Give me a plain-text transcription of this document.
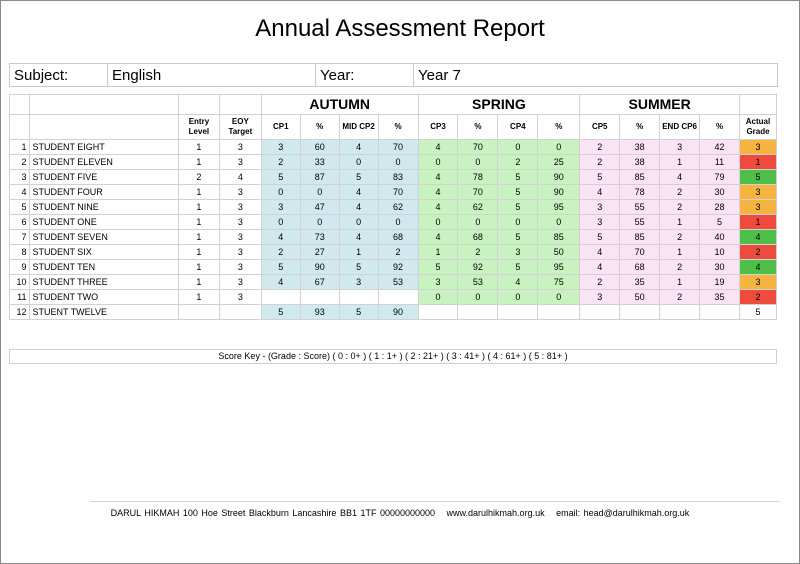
Annual Assessment Report
Subject:	English	Year:	Year 7
				AUTUMN				SPRING				SUMMER				
		Entry Level	EOY Target	CP1	%	MID CP2	%	CP3	%	CP4	%	CP5	%	END CP6	%	Actual Grade
1	STUDENT EIGHT	1	3	3	60	4	70	4	70	0	0	2	38	3	42	3
2	STUDENT ELEVEN	1	3	2	33	0	0	0	0	2	25	2	38	1	11	1
3	STUDENT FIVE	2	4	5	87	5	83	4	78	5	90	5	85	4	79	5
4	STUDENT FOUR	1	3	0	0	4	70	4	70	5	90	4	78	2	30	3
5	STUDENT NINE	1	3	3	47	4	62	4	62	5	95	3	55	2	28	3
6	STUDENT ONE	1	3	0	0	0	0	0	0	0	0	3	55	1	5	1
7	STUDENT SEVEN	1	3	4	73	4	68	4	68	5	85	5	85	2	40	4
8	STUDENT SIX	1	3	2	27	1	2	1	2	3	50	4	70	1	10	2
9	STUDENT TEN	1	3	5	90	5	92	5	92	5	95	4	68	2	30	4
10	STUDENT THREE	1	3	4	67	3	53	3	53	4	75	2	35	1	19	3
11	STUDENT TWO	1	3					0	0	0	0	3	50	2	35	2
12	STUENT TWELVE			5	93	5	90									5
Score Key - (Grade : Score) ( 0 : 0+ ) ( 1 : 1+ ) ( 2 : 21+ ) ( 3 : 41+ ) ( 4 : 61+ ) ( 5 : 81+ )
DARUL HIKMAH 100 Hoe Street Blackburn Lancashire BB1 1TF 00000000000 www.darulhikmah.org.uk email: head@darulhikmah.org.uk
